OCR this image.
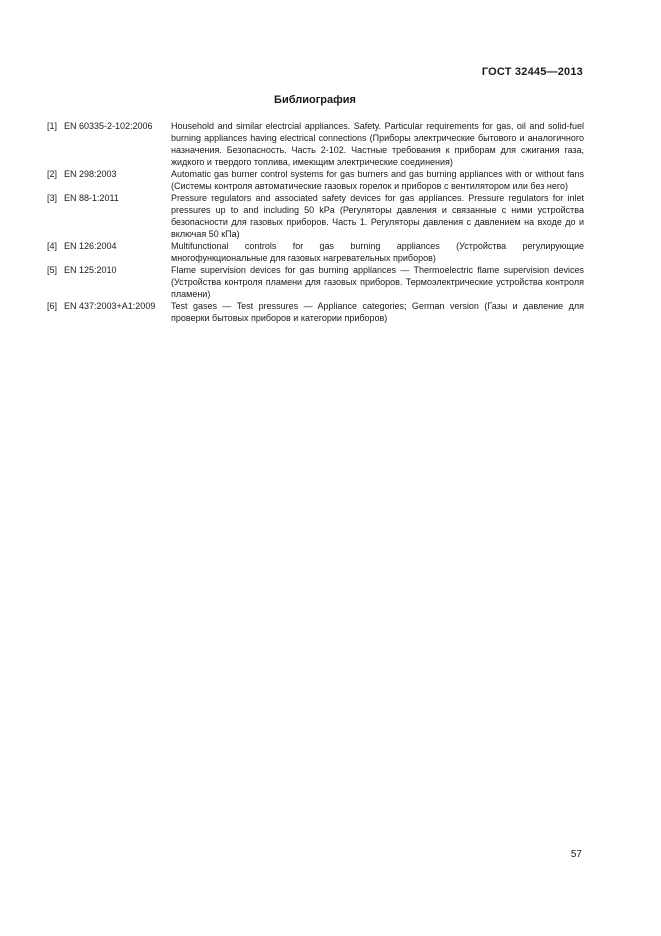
ГОСТ 32445—2013
Библиография
[1] EN 60335-2-102:2006	Household and similar electrcial appliances. Safety. Particular requirements for gas, oil and solid-fuel burning appliances having electrical connections (Приборы электрические бытового и аналогичного назначения. Безопасность. Часть 2-102. Частные требования к приборам для сжигания газа, жидкого и твердого топлива, имеющим электрические соединения)
[2] EN 298:2003	Automatic gas burner control systems for gas burners and gas burning appliances with or without fans (Системы контроля автоматические газовых горелок и приборов с вентилятором или без него)
[3] EN 88-1:2011	Pressure regulators and associated safety devices for gas appliances. Pressure regulators for inlet pressures up to and including 50 kPa (Регуляторы давления и связанные с ними устройства безопасности для газовых приборов. Часть 1. Регуляторы давления с давлением на входе до и включая 50 кПа)
[4] EN 126:2004	Multifunctional controls for gas burning appliances (Устройства регулирующие многофункциональные для газовых нагревательных приборов)
[5] EN 125:2010	Flame supervision devices for gas burning appliances — Thermoelectric flame supervision devices (Устройства контроля пламени для газовых приборов. Термоэлектрические устройства контроля пламени)
[6] EN 437:2003+A1:2009	Test gases — Test pressures — Appliance categories; German version (Газы и давление для проверки бытовых приборов и категории приборов)
57
